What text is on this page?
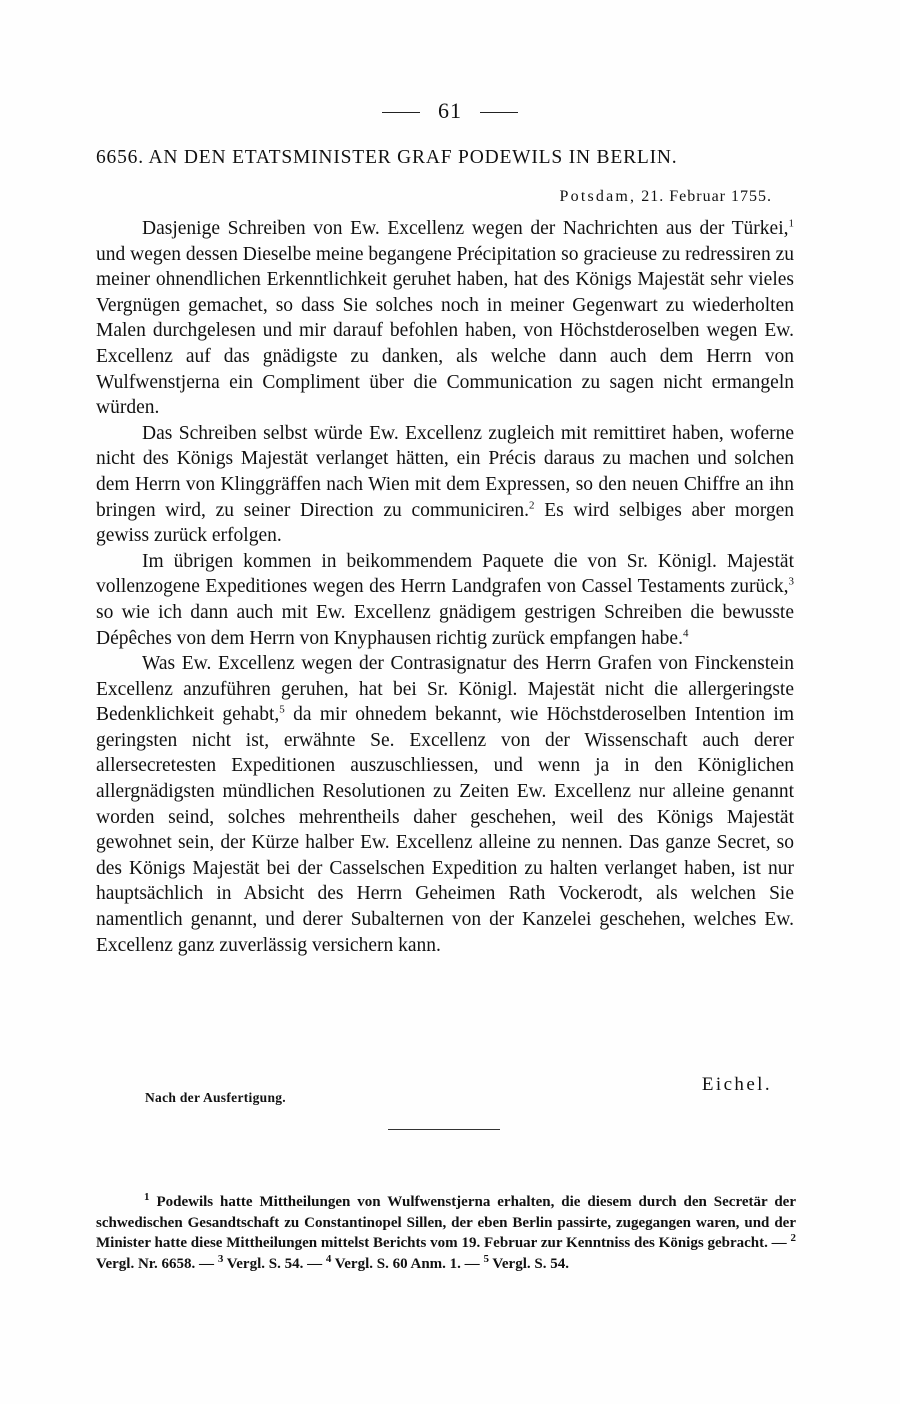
61
6656. AN DEN ETATSMINISTER GRAF PODEWILS IN BERLIN.
Potsdam, 21. Februar 1755.

Dasjenige Schreiben von Ew. Excellenz wegen der Nachrichten aus der Türkei,$^1$ und wegen dessen Dieselbe meine begangene Précipitation so gracieuse zu redressiren zu meiner ohnendlichen Erkenntlichkeit geruhet haben, hat des Königs Majestät sehr vieles Vergnügen gemachet, so dass Sie solches noch in meiner Gegenwart zu wiederholten Malen durchgelesen und mir darauf befohlen haben, von Höchstderoselben wegen Ew. Excellenz auf das gnädigste zu danken, als welche dann auch dem Herrn von Wulfwenstjerna ein Compliment über die Communication zu sagen nicht ermangeln würden.

Das Schreiben selbst würde Ew. Excellenz zugleich mit remittiret haben, woferne nicht des Königs Majestät verlanget hätten, ein Précis daraus zu machen und solchen dem Herrn von Klinggräffen nach Wien mit dem Expressen, so den neuen Chiffre an ihn bringen wird, zu seiner Direction zu communiciren.$^2$ Es wird selbiges aber morgen gewiss zurück erfolgen.

Im übrigen kommen in beikommendem Paquete die von Sr. Königl. Majestät vollenzogene Expeditiones wegen des Herrn Landgrafen von Cassel Testaments zurück,$^3$ so wie ich dann auch mit Ew. Excellenz gnädigem gestrigen Schreiben die bewusste Dépêches von dem Herrn von Knyphausen richtig zurück empfangen habe.$^4$

Was Ew. Excellenz wegen der Contrasignatur des Herrn Grafen von Finckenstein Excellenz anzuführen geruhen, hat bei Sr. Königl. Majestät nicht die allergeringste Bedenklichkeit gehabt,$^5$ da mir ohnedem bekannt, wie Höchstderoselben Intention im geringsten nicht ist, erwähnte Se. Excellenz von der Wissenschaft auch derer allersecretesten Expeditionen auszuschliessen, und wenn ja in den Königlichen allergnädigsten mündlichen Resolutionen zu Zeiten Ew. Excellenz nur alleine genannt worden seind, solches mehrentheils daher geschehen, weil des Königs Majestät gewohnet sein, der Kürze halber Ew. Excellenz alleine zu nennen. Das ganze Secret, so des Königs Majestät bei der Casselschen Expedition zu halten verlanget haben, ist nur hauptsächlich in Absicht des Herrn Geheimen Rath Vockerodt, als welchen Sie namentlich genannt, und derer Subalternen von der Kanzelei geschehen, welches Ew. Excellenz ganz zuverlässig versichern kann.

Eichel.
Nach der Ausfertigung.

$^1$ Podewils hatte Mittheilungen von Wulfwenstjerna erhalten, die diesem durch den Secretär der schwedischen Gesandtschaft zu Constantinopel Sillen, der eben Berlin passirte, zugegangen waren, und der Minister hatte diese Mittheilungen mittelst Berichts vom 19. Februar zur Kenntniss des Königs gebracht. — $^2$ Vergl. Nr. 6658. — $^3$ Vergl. S. 54. — $^4$ Vergl. S. 60 Anm. 1. — $^5$ Vergl. S. 54.
